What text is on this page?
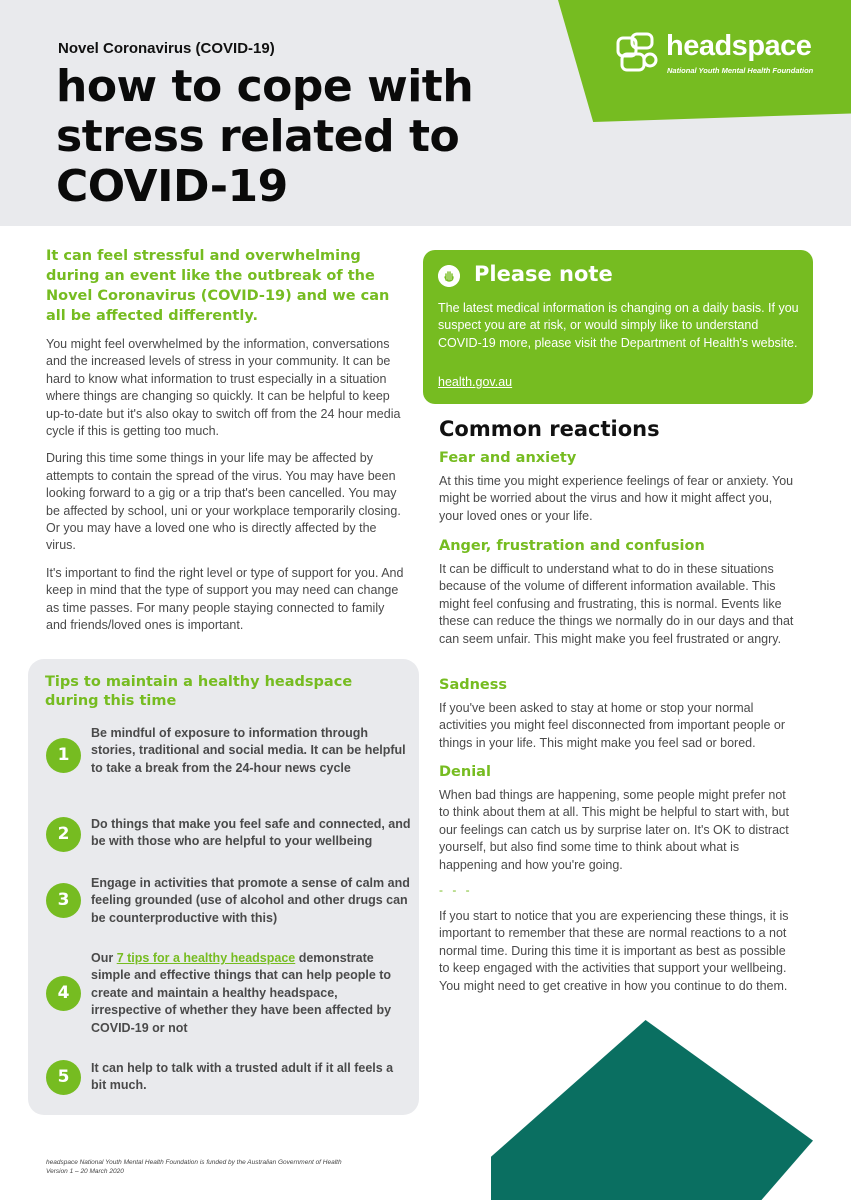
Novel Coronavirus (COVID-19)
how to cope with stress related to COVID-19
headspace
National Youth Mental Health Foundation

It can feel stressful and overwhelming during an event like the outbreak of the Novel Coronavirus (COVID-19) and we can all be affected differently.

You might feel overwhelmed by the information, conversations and the increased levels of stress in your community. It can be hard to know what information to trust especially in a situation where things are changing so quickly. It can be helpful to keep up-to-date but it's also okay to switch off from the 24 hour media cycle if this is getting too much.

During this time some things in your life may be affected by attempts to contain the spread of the virus. You may have been looking forward to a gig or a trip that's been cancelled. You may be affected by school, uni or your workplace temporarily closing. Or you may have a loved one who is directly affected by the virus.

It's important to find the right level or type of support for you. And keep in mind that the type of support you may need can change as time passes. For many people staying connected to family and friends/loved ones is important.

Tips to maintain a healthy headspace during this time
1

Be mindful of exposure to information through stories, traditional and social media. It can be helpful to take a break from the 24-hour news cycle

2	Do things that make you feel safe and connected, and be with those who are helpful to your wellbeing

3

Engage in activities that promote a sense of calm and feeling grounded (use of alcohol and other drugs can be counterproductive with this)

4

Our 7 tips for a healthy headspace demonstrate simple and effective things that can help people to create and maintain a healthy headspace, irrespective of whether they have been affected by COVID-19 or not

5	It can help to talk with a trusted adult if it all feels a bit much.

Please note

The latest medical information is changing on a daily basis. If you suspect you are at risk, or would simply like to understand COVID-19 more, please visit the Department of Health's website.

health.gov.au
Common reactions
Fear and anxiety

At this time you might experience feelings of fear or anxiety. You might be worried about the virus and how it might affect you, your loved ones or your life.

Anger, frustration and confusion

It can be difficult to understand what to do in these situations because of the volume of different information available. This might feel confusing and frustrating, this is normal. Events like these can reduce the things we normally do in our days and that can seem unfair. This might make you feel frustrated or angry.

Sadness

If you've been asked to stay at home or stop your normal activities you might feel disconnected from important people or things in your life. This might make you feel sad or bored.

Denial

When bad things are happening, some people might prefer not to think about them at all. This might be helpful to start with, but our feelings can catch us by surprise later on. It's OK to distract yourself, but also find some time to think about what is happening and how you're going.

- - -

If you start to notice that you are experiencing these things, it is important to remember that these are normal reactions to a not normal time. During this time it is important as best as possible to keep engaged with the activities that support your wellbeing. You might need to get creative in how you continue to do them.

headspace National Youth Mental Health Foundation is funded by the Australian Government of Health
Version 1 – 20 March 2020
